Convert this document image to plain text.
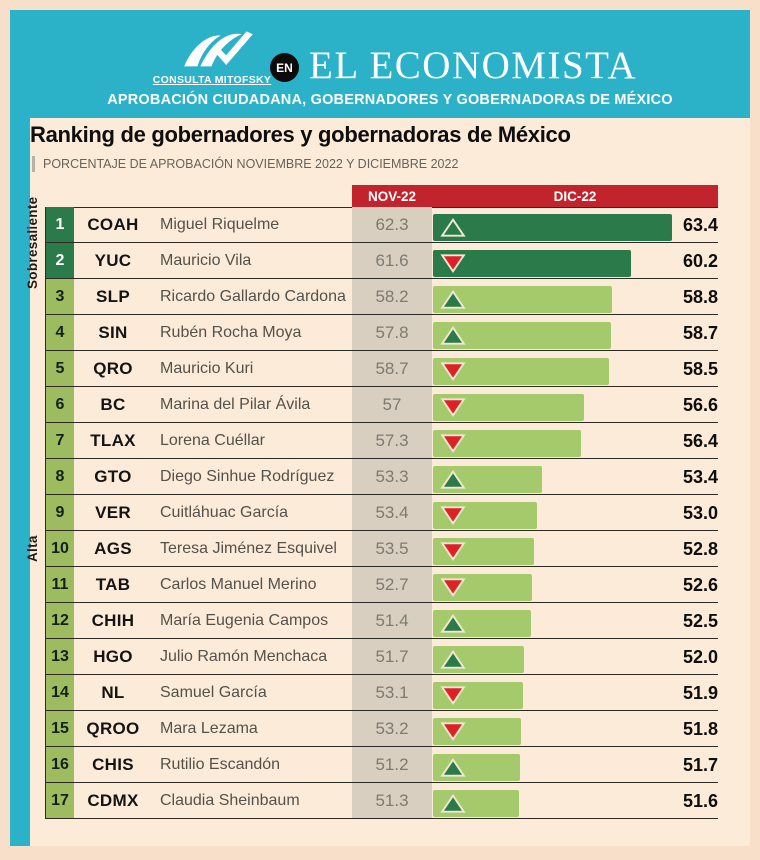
CONSULTA MITOFSKY
EN EL ECONOMISTA
APROBACIÓN CIUDADANA, GOBERNADORES Y GOBERNADORAS DE MÉXICO
Ranking de gobernadores y gobernadoras de México
PORCENTAJE DE APROBACIÓN NOVIEMBRE 2022 Y DICIEMBRE 2022
NOV-22	DIC-22
Sobresaliente
Alta
1	COAH	Miguel Riquelme	62.3	63.4
2	YUC	Mauricio Vila	61.6	60.2
3	SLP	Ricardo Gallardo Cardona	58.2	58.8
4	SIN	Rubén Rocha Moya	57.8	58.7
5	QRO	Mauricio Kuri	58.7	58.5
6	BC	Marina del Pilar Ávila	57	56.6
7	TLAX	Lorena Cuéllar	57.3	56.4
8	GTO	Diego Sinhue Rodríguez	53.3	53.4
9	VER	Cuitláhuac García	53.4	53.0
10	AGS	Teresa Jiménez Esquivel	53.5	52.8
11	TAB	Carlos Manuel Merino	52.7	52.6
12	CHIH	María Eugenia Campos	51.4	52.5
13	HGO	Julio Ramón Menchaca	51.7	52.0
14	NL	Samuel García	53.1	51.9
15	QROO	Mara Lezama	53.2	51.8
16	CHIS	Rutilio Escandón	51.2	51.7
17	CDMX	Claudia Sheinbaum	51.3	51.6
